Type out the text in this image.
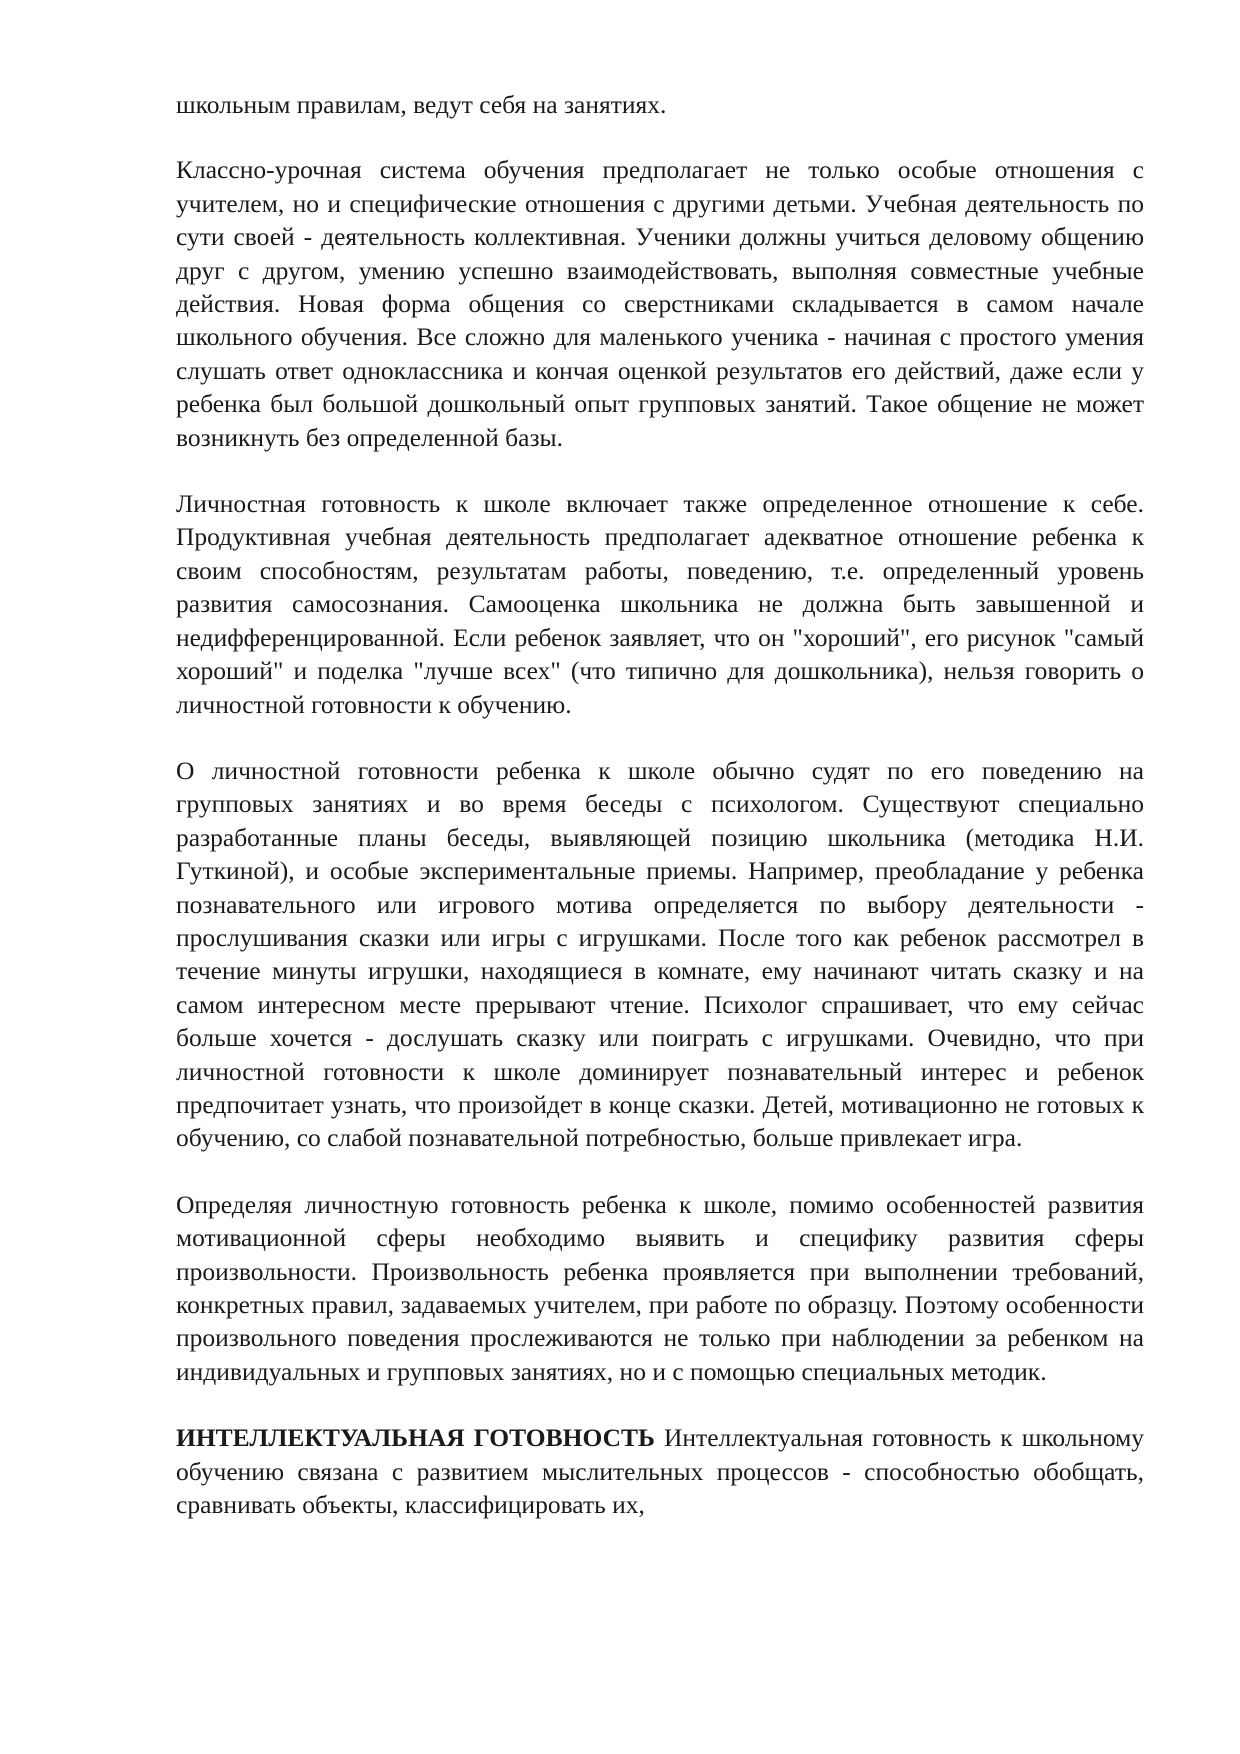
школьным правилам, ведут себя на занятиях.

Классно-урочная система обучения предполагает не только особые отношения с учителем, но и специфические отношения с другими детьми. Учебная деятельность по сути своей - деятельность коллективная. Ученики должны учиться деловому общению друг с другом, умению успешно взаимодействовать, выполняя совместные учебные действия. Новая форма общения со сверстниками складывается в самом начале школьного обучения. Все сложно для маленького ученика - начиная с простого умения слушать ответ одноклассника и кончая оценкой результатов его действий, даже если у ребенка был большой дошкольный опыт групповых занятий. Такое общение не может возникнуть без определенной базы.

Личностная готовность к школе включает также определенное отношение к себе. Продуктивная учебная деятельность предполагает адекватное отношение ребенка к своим способностям, результатам работы, поведению, т.е. определенный уровень развития самосознания. Самооценка школьника не должна быть завышенной и недифференцированной. Если ребенок заявляет, что он "хороший", его рисунок "самый хороший" и поделка "лучше всех" (что типично для дошкольника), нельзя говорить о личностной готовности к обучению.

О личностной готовности ребенка к школе обычно судят по его поведению на групповых занятиях и во время беседы с психологом. Существуют специально разработанные планы беседы, выявляющей позицию школьника (методика Н.И. Гуткиной), и особые экспериментальные приемы. Например, преобладание у ребенка познавательного или игрового мотива определяется по выбору деятельности - прослушивания сказки или игры с игрушками. После того как ребенок рассмотрел в течение минуты игрушки, находящиеся в комнате, ему начинают читать сказку и на самом интересном месте прерывают чтение. Психолог спрашивает, что ему сейчас больше хочется - дослушать сказку или поиграть с игрушками. Очевидно, что при личностной готовности к школе доминирует познавательный интерес и ребенок предпочитает узнать, что произойдет в конце сказки. Детей, мотивационно не готовых к обучению, со слабой познавательной потребностью, больше привлекает игра.

Определяя личностную готовность ребенка к школе, помимо особенностей развития мотивационной сферы необходимо выявить и специфику развития сферы произвольности. Произвольность ребенка проявляется при выполнении требований, конкретных правил, задаваемых учителем, при работе по образцу. Поэтому особенности произвольного поведения прослеживаются не только при наблюдении за ребенком на индивидуальных и групповых занятиях, но и с помощью специальных методик.

ИНТЕЛЛЕКТУАЛЬНАЯ ГОТОВНОСТЬ Интеллектуальная готовность к школьному обучению связана с развитием мыслительных процессов - способностью обобщать, сравнивать объекты, классифицировать их,
